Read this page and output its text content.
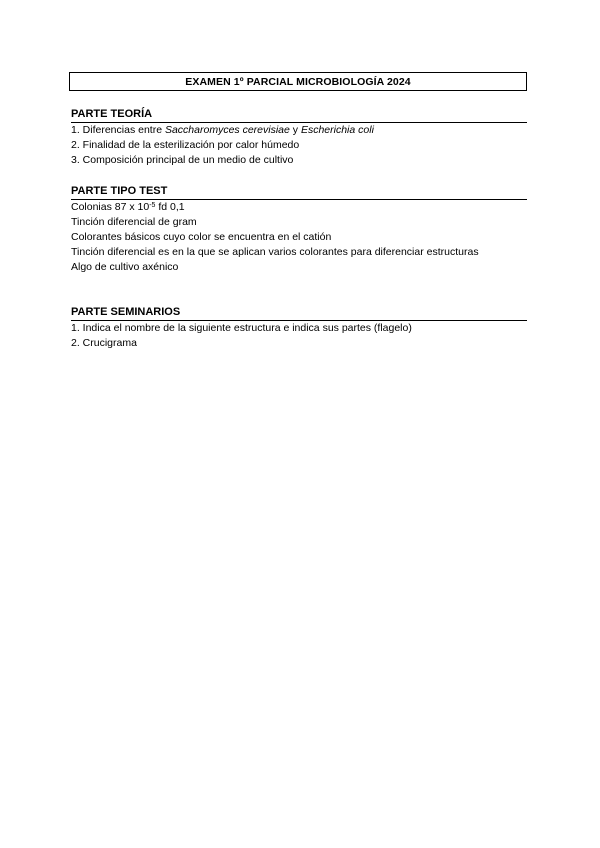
EXAMEN 1º PARCIAL MICROBIOLOGÍA 2024
PARTE TEORÍA
1. Diferencias entre Saccharomyces cerevisiae y Escherichia coli
2. Finalidad de la esterilización por calor húmedo
3. Composición principal de un medio de cultivo
PARTE TIPO TEST
Colonias 87 x $10^{-5}$ fd 0,1
Tinción diferencial de gram
Colorantes básicos cuyo color se encuentra en el catión
Tinción diferencial es en la que se aplican varios colorantes para diferenciar estructuras
Algo de cultivo axénico
PARTE SEMINARIOS
1. Indica el nombre de la siguiente estructura e indica sus partes (flagelo)
2. Crucigrama
